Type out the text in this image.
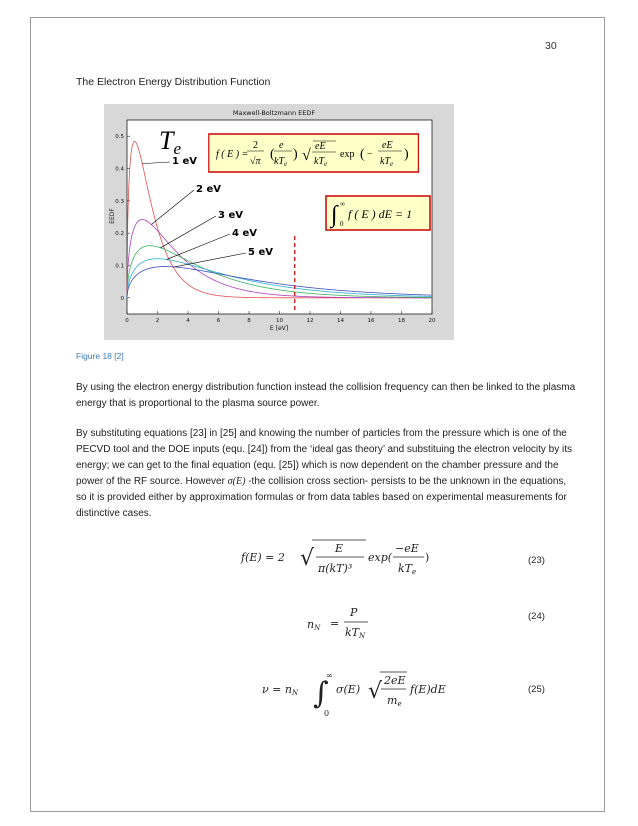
30
The Electron Energy Distribution Function
Maxwell-Boltzmann EEDF
0	2	4	6	8	10	12	14	16	18	20
0
0.1
0.2
0.3
0.4
0.5
E [eV]
EEDF
Te
1 eV
2 eV
3 eV
4 eV
5 eV
f ( E ) =
2
√π (
e
$kT_e$
) √
eE
$kT_e$
exp ( −
eE
$kT_e$
)
∫ ∞
0
f ( E ) dE = 1
Figure 18 [2]

By using the electron energy distribution function instead the collision frequency can then be linked to the plasma energy that is proportional to the plasma source power.

By substituting equations [23] in [25] and knowing the number of particles from the pressure which is one of the PECVD tool and the DOE inputs (equ. [24]) from the ‘ideal gas theory’ and substituing the electron velocity by its energy; we can get to the final equation (equ. [25]) which is now dependent on the chamber pressure and the power of the RF source. However σ(E) -the collision cross section- persists to be the unknown in the equations, so it is provided either by approximation formulas or from data tables based on experimental measurements for distinctive cases.

f(E) = 2 √ E
π(kT)³
exp(
−eE
kTe
)	(23)
nN =
P
kTN
(24)
ν = nN ∫
∞
0
σ(E) √ 2eE
me
f(E)dE	(25)
